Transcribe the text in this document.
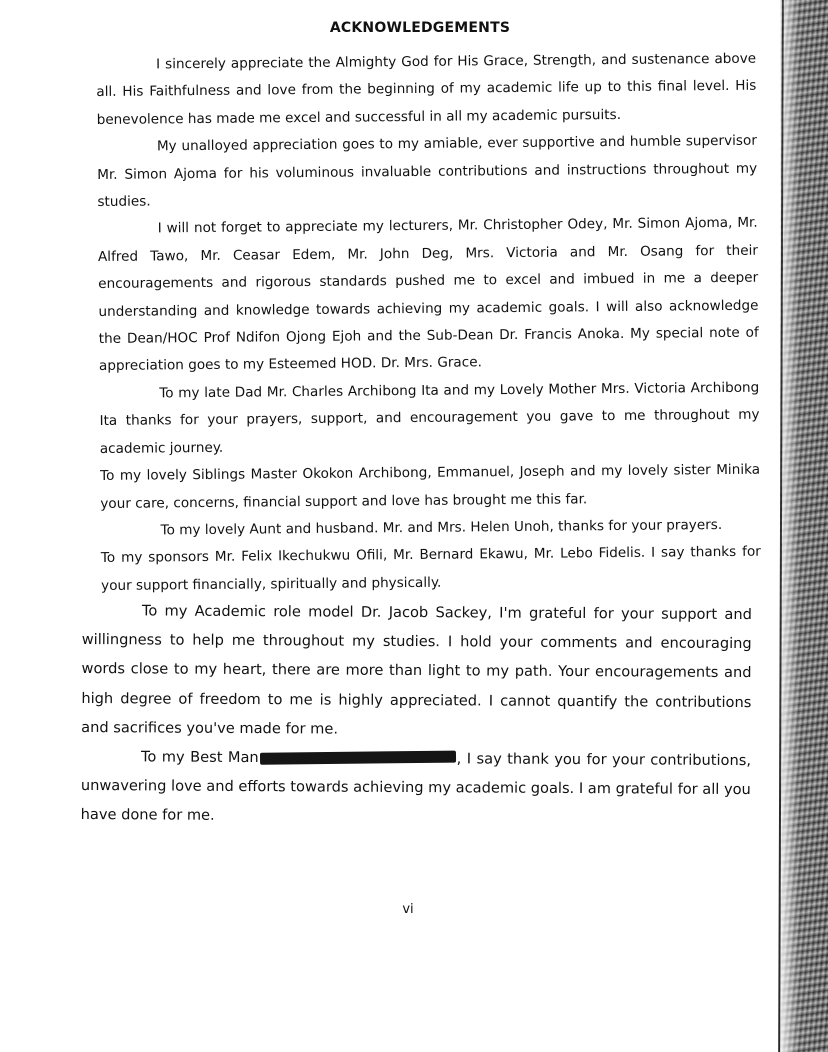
ACKNOWLEDGEMENTS

I sincerely appreciate the Almighty God for His Grace, Strength, and sustenance above all. His Faithfulness and love from the beginning of my academic life up to this final level. His benevolence has made me excel and successful in all my academic pursuits.

My unalloyed appreciation goes to my amiable, ever supportive and humble supervisor Mr. Simon Ajoma for his voluminous invaluable contributions and instructions throughout my studies.

I will not forget to appreciate my lecturers, Mr. Christopher Odey, Mr. Simon Ajoma, Mr. Alfred Tawo, Mr. Ceasar Edem, Mr. John Deg, Mrs. Victoria and Mr. Osang for their encouragements and rigorous standards pushed me to excel and imbued in me a deeper understanding and knowledge towards achieving my academic goals. I will also acknowledge the Dean/HOC Prof Ndifon Ojong Ejoh and the Sub-Dean Dr. Francis Anoka. My special note of appreciation goes to my Esteemed HOD. Dr. Mrs. Grace.

To my late Dad Mr. Charles Archibong Ita and my Lovely Mother Mrs. Victoria Archibong Ita thanks for your prayers, support, and encouragement you gave to me throughout my academic journey.

To my lovely Siblings Master Okokon Archibong, Emmanuel, Joseph and my lovely sister Minika your care, concerns, financial support and love has brought me this far.

To my lovely Aunt and husband. Mr. and Mrs. Helen Unoh, thanks for your prayers.

To my sponsors Mr. Felix Ikechukwu Ofili, Mr. Bernard Ekawu, Mr. Lebo Fidelis. I say thanks for your support financially, spiritually and physically.

To my Academic role model Dr. Jacob Sackey, I'm grateful for your support and willingness to help me throughout my studies. I hold your comments and encouraging words close to my heart, there are more than light to my path. Your encouragements and high degree of freedom to me is highly appreciated. I cannot quantify the contributions and sacrifices you've made for me.

To my Best Man	, I say thank you for your contributions, unwavering love and efforts towards achieving my academic goals. I am grateful for all you have done for me.

vi
